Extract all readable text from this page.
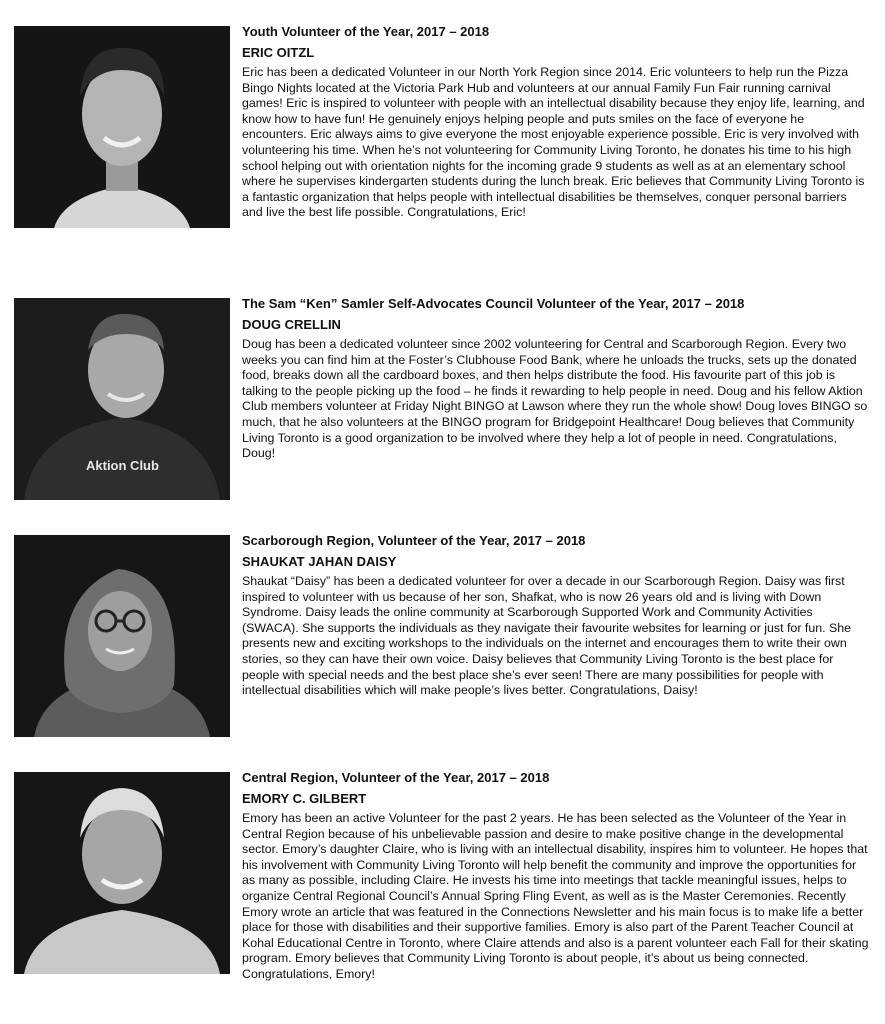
Youth Volunteer of the Year, 2017 – 2018

ERIC OITZL

Eric has been a dedicated Volunteer in our North York Region since 2014. Eric volunteers to help run the Pizza Bingo Nights located at the Victoria Park Hub and volunteers at our annual Family Fun Fair running carnival games! Eric is inspired to volunteer with people with an intellectual disability because they enjoy life, learning, and know how to have fun! He genuinely enjoys helping people and puts smiles on the face of everyone he encounters. Eric always aims to give everyone the most enjoyable experience possible. Eric is very involved with volunteering his time. When he’s not volunteering for Community Living Toronto, he donates his time to his high school helping out with orientation nights for the incoming grade 9 students as well as at an elementary school where he supervises kindergarten students during the lunch break. Eric believes that Community Living Toronto is a fantastic organization that helps people with intellectual disabilities be themselves, conquer personal barriers and live the best life possible. Congratulations, Eric!

Aktion Club

The Sam “Ken” Samler Self-Advocates Council Volunteer of the Year, 2017 – 2018

DOUG CRELLIN

Doug has been a dedicated volunteer since 2002 volunteering for Central and Scarborough Region. Every two weeks you can find him at the Foster’s Clubhouse Food Bank, where he unloads the trucks, sets up the donated food, breaks down all the cardboard boxes, and then helps distribute the food. His favourite part of this job is talking to the people picking up the food – he finds it rewarding to help people in need. Doug and his fellow Aktion Club members volunteer at Friday Night BINGO at Lawson where they run the whole show! Doug loves BINGO so much, that he also volunteers at the BINGO program for Bridgepoint Healthcare! Doug believes that Community Living Toronto is a good organization to be involved where they help a lot of people in need. Congratulations, Doug!

Scarborough Region, Volunteer of the Year, 2017 – 2018

SHAUKAT JAHAN DAISY

Shaukat “Daisy” has been a dedicated volunteer for over a decade in our Scarborough Region. Daisy was first inspired to volunteer with us because of her son, Shafkat, who is now 26 years old and is living with Down Syndrome. Daisy leads the online community at Scarborough Supported Work and Community Activities (SWACA). She supports the individuals as they navigate their favourite websites for learning or just for fun. She presents new and exciting workshops to the individuals on the internet and encourages them to write their own stories, so they can have their own voice. Daisy believes that Community Living Toronto is the best place for people with special needs and the best place she’s ever seen! There are many possibilities for people with intellectual disabilities which will make people’s lives better. Congratulations, Daisy!

Central Region, Volunteer of the Year, 2017 – 2018

EMORY C. GILBERT

Emory has been an active Volunteer for the past 2 years. He has been selected as the Volunteer of the Year in Central Region because of his unbelievable passion and desire to make positive change in the developmental sector. Emory’s daughter Claire, who is living with an intellectual disability, inspires him to volunteer. He hopes that his involvement with Community Living Toronto will help benefit the community and improve the opportunities for as many as possible, including Claire. He invests his time into meetings that tackle meaningful issues, helps to organize Central Regional Council’s Annual Spring Fling Event, as well as is the Master Ceremonies. Recently Emory wrote an article that was featured in the Connections Newsletter and his main focus is to make life a better place for those with disabilities and their supportive families. Emory is also part of the Parent Teacher Council at Kohal Educational Centre in Toronto, where Claire attends and also is a parent volunteer each Fall for their skating program. Emory believes that Community Living Toronto is about people, it’s about us being connected. Congratulations, Emory!
